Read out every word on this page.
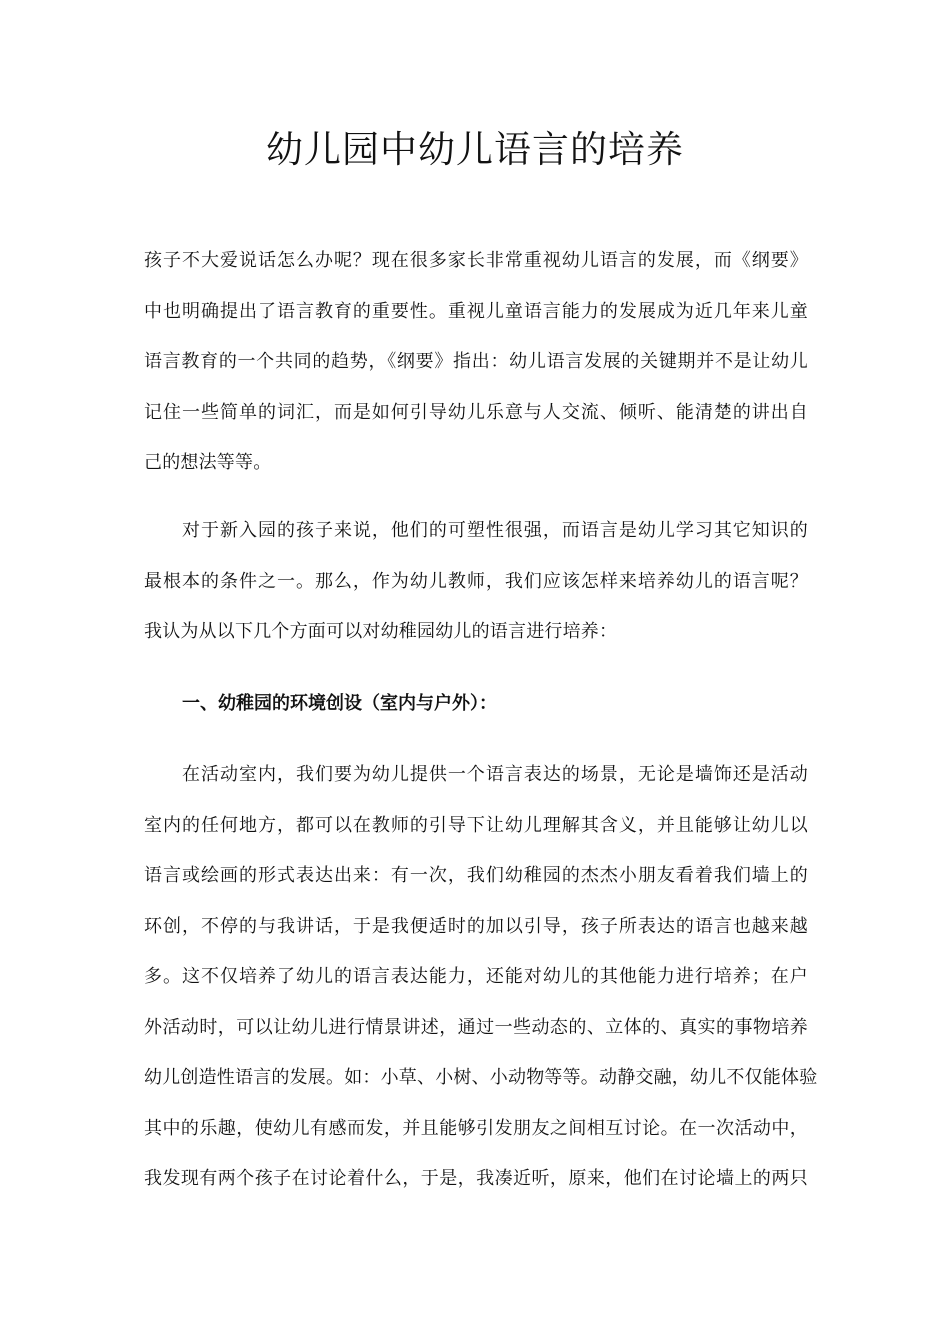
幼儿园中幼儿语言的培养
孩子不大爱说话怎么办呢？现在很多家长非常重视幼儿语言的发展，而《纲要》
中也明确提出了语言教育的重要性。重视儿童语言能力的发展成为近几年来儿童
语言教育的一个共同的趋势，《纲要》指出：幼儿语言发展的关键期并不是让幼儿
记住一些简单的词汇，而是如何引导幼儿乐意与人交流、倾听、能清楚的讲出自
己的想法等等。
对于新入园的孩子来说，他们的可塑性很强，而语言是幼儿学习其它知识的
最根本的条件之一。那么，作为幼儿教师，我们应该怎样来培养幼儿的语言呢？
我认为从以下几个方面可以对幼稚园幼儿的语言进行培养：
一、幼稚园的环境创设（室内与户外）：
在活动室内，我们要为幼儿提供一个语言表达的场景，无论是墙饰还是活动
室内的任何地方，都可以在教师的引导下让幼儿理解其含义，并且能够让幼儿以
语言或绘画的形式表达出来：有一次，我们幼稚园的杰杰小朋友看着我们墙上的
环创，不停的与我讲话，于是我便适时的加以引导，孩子所表达的语言也越来越
多。这不仅培养了幼儿的语言表达能力，还能对幼儿的其他能力进行培养；在户
外活动时，可以让幼儿进行情景讲述，通过一些动态的、立体的、真实的事物培养
幼儿创造性语言的发展。如：小草、小树、小动物等等。动静交融，幼儿不仅能体验
其中的乐趣，使幼儿有感而发，并且能够引发朋友之间相互讨论。在一次活动中，
我发现有两个孩子在讨论着什么，于是，我凑近听，原来，他们在讨论墙上的两只
